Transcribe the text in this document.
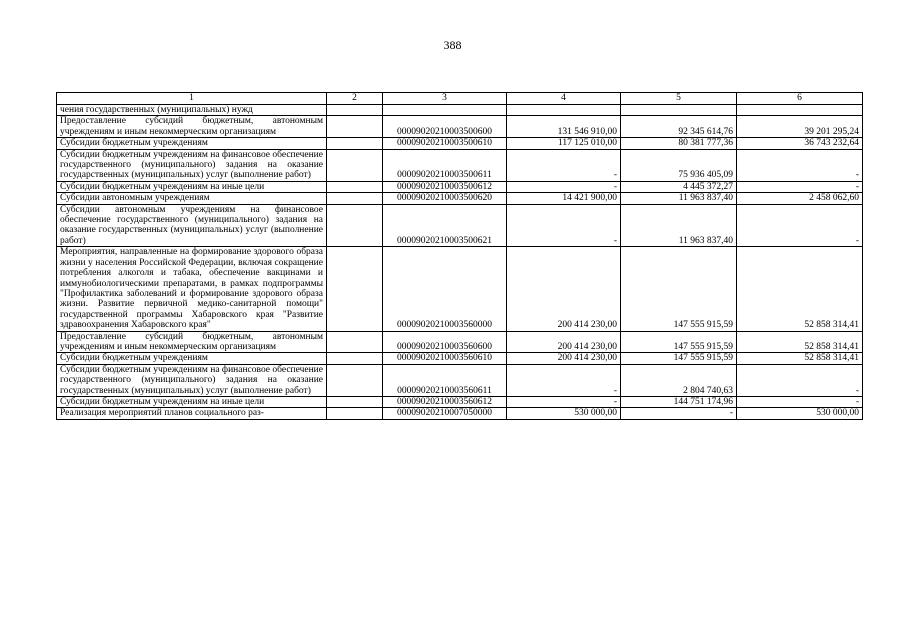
388
1	2	3	4	5	6
чения государственных (муниципальных) нужд					
Предоставление субсидий бюджетным, автономным учреждениям и иным некоммерческим организациям		00009020210003500600	131 546 910,00	92 345 614,76	39 201 295,24
Субсидии бюджетным учреждениям		00009020210003500610	117 125 010,00	80 381 777,36	36 743 232,64
Субсидии бюджетным учреждениям на финансовое обеспечение государственного (муниципального) задания на оказание государственных (муниципальных) услуг (выполнение работ)		00009020210003500611	-	75 936 405,09	-
Субсидии бюджетным учреждениям на иные цели		00009020210003500612	-	4 445 372,27	-
Субсидии автономным учреждениям		00009020210003500620	14 421 900,00	11 963 837,40	2 458 062,60
Субсидии автономным учреждениям на финансовое обеспечение государственного (муниципального) задания на оказание государственных (муниципальных) услуг (выполнение работ)		00009020210003500621	-	11 963 837,40	-
Мероприятия, направленные на формирование здорового образа жизни у населения Российской Федерации, включая сокращение потребления алкоголя и табака, обеспечение вакцинами и иммунобиологическими препаратами, в рамках подпрограммы "Профилактика заболеваний и формирование здорового образа жизни. Развитие первичной медико-санитарной помощи" государственной программы Хабаровского края "Развитие здравоохранения Хабаровского края"		00009020210003560000	200 414 230,00	147 555 915,59	52 858 314,41
Предоставление субсидий бюджетным, автономным учреждениям и иным некоммерческим организациям		00009020210003560600	200 414 230,00	147 555 915,59	52 858 314,41
Субсидии бюджетным учреждениям		00009020210003560610	200 414 230,00	147 555 915,59	52 858 314,41
Субсидии бюджетным учреждениям на финансовое обеспечение государственного (муниципального) задания на оказание государственных (муниципальных) услуг (выполнение работ)		00009020210003560611	-	2 804 740,63	-
Субсидии бюджетным учреждениям на иные цели		00009020210003560612	-	144 751 174,96	-
Реализация мероприятий планов социального раз-		00009020210007050000	530 000,00	-	530 000,00
